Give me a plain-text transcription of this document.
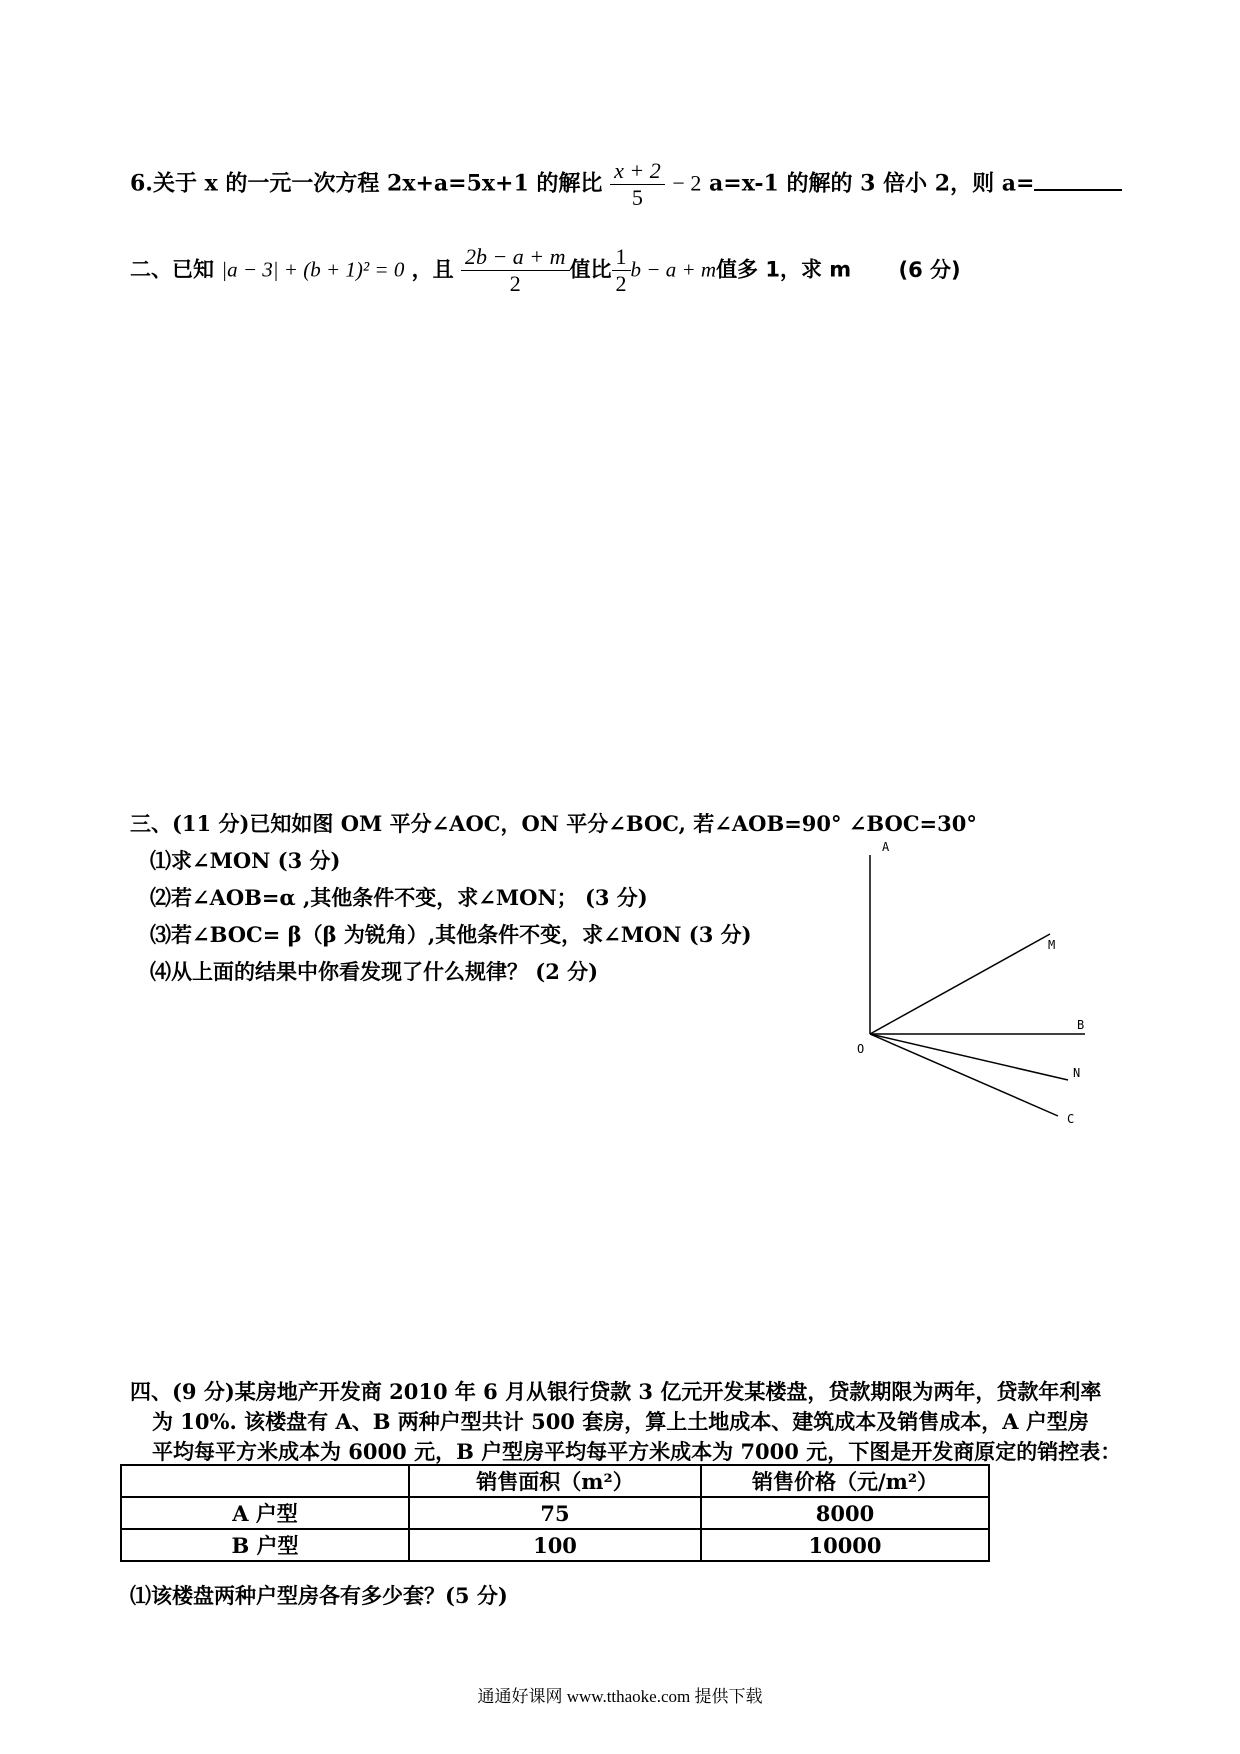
6.关于 x 的一元一次方程 2x+a=5x+1 的解比 $\frac{x + 2}{5} - 2$ a=x-1 的解的 3 倍小 2，则 a=
二、已知 |a − 3| + (b + 1)² = 0 ，且 $\frac{2b - a + m}{2}$ 值比 $\frac{1}{2}$ b − a + m值多 1，求 m (6 分)
三、(11 分)已知如图 OM 平分∠AOC，ON 平分∠BOC, 若∠AOB=90° ∠BOC=30°
⑴求∠MON (3 分)
⑵若∠AOB=α ,其他条件不变，求∠MON； (3 分)
⑶若∠BOC= β（β 为锐角）,其他条件不变，求∠MON (3 分)
⑷从上面的结果中你看发现了什么规律？ (2 分)
A
M
B
O
N
C
四、(9 分)某房地产开发商 2010 年 6 月从银行贷款 3 亿元开发某楼盘，贷款期限为两年，贷款年利率
为 10%. 该楼盘有 A、B 两种户型共计 500 套房，算上土地成本、建筑成本及销售成本，A 户型房
平均每平方米成本为 6000 元，B 户型房平均每平方米成本为 7000 元，下图是开发商原定的销控表：
	销售面积（m²）	销售价格（元/m²）
A 户型	75	8000
B 户型	100	10000
⑴该楼盘两种户型房各有多少套？(5 分)
通通好课网 www.tthaoke.com 提供下载
